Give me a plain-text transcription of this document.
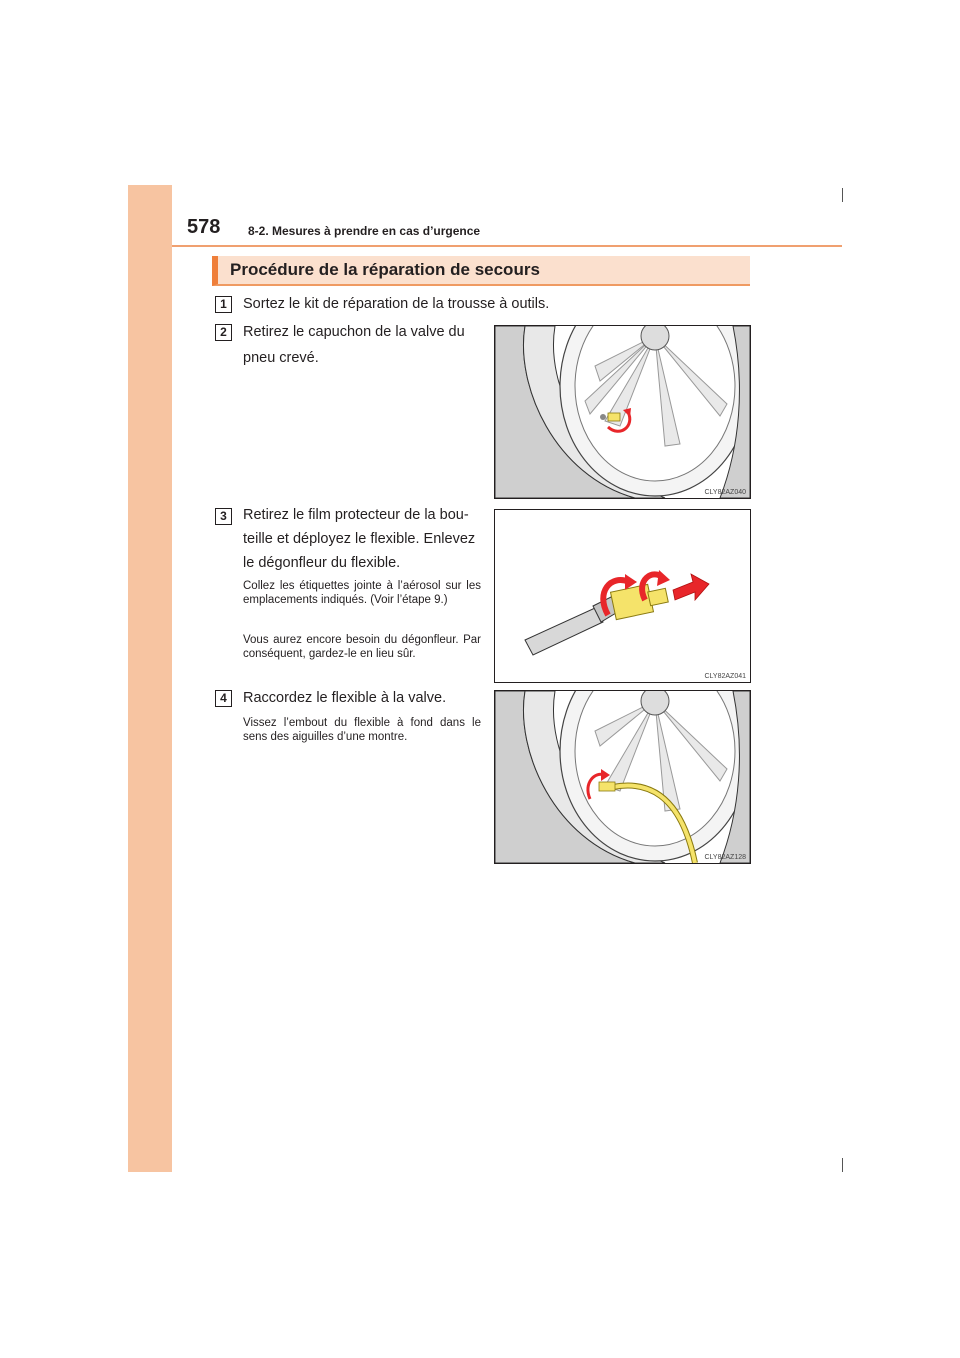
578 8-2. Mesures à prendre en cas d’urgence
Procédure de la réparation de secours
1	Sortez le kit de réparation de la trousse à outils.
2	Retirez le capuchon de la valve du
pneu crevé.
CLY82AZ040
3	Retirez le film protecteur de la bou-
teille et déployez le flexible. Enlevez
le dégonfleur du flexible.
Collez les étiquettes jointe à l’aérosol sur les emplacements indiqués. (Voir l’étape 9.)
Vous aurez encore besoin du dégonfleur. Par conséquent, gardez-le en lieu sûr.
CLY82AZ041
4	Raccordez le flexible à la valve.
Vissez l’embout du flexible à fond dans le sens des aiguilles d’une montre.
CLY82AZ128
